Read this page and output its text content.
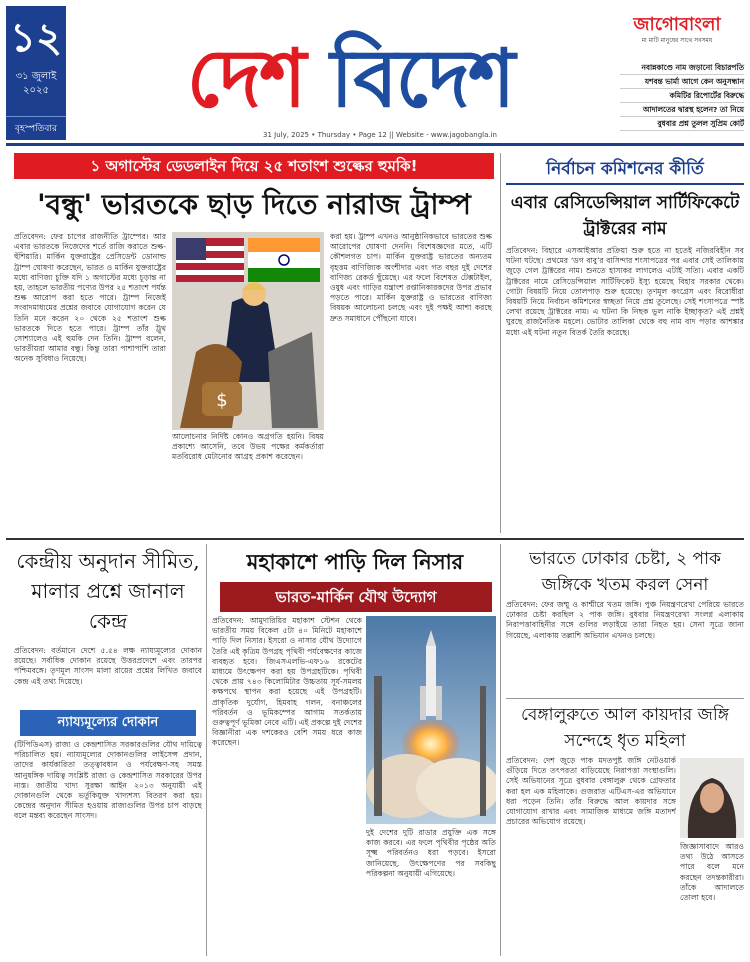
১২
৩১ জুলাই
২০২৫
বৃহস্পতিবার
দেশ বিদেশ
জাগোবাংলা
মা মাটি মানুষের সাথে সবসময়
নবান্নকাণ্ডে নাম জড়ানো বিচারপতি
যশবন্ত ভার্মা আগে কেন অনুসন্ধান
কমিটির রিপোর্টের বিরুদ্ধে
আদালতের দ্বারস্থ হলেন? তা নিয়ে
বুধবার প্রশ্ন তুলল সুপ্রিম কোর্ট
31 July, 2025 • Thursday • Page 12 || Website - www.jagobangla.in
১ অগাস্টের ডেডলাইন দিয়ে ২৫ শতাংশ শুল্কের হুমকি!
'বন্ধু' ভারতকে ছাড় দিতে নারাজ ট্রাম্প
প্রতিবেদন: ফের চাপের রাজনীতি ট্রাম্পের। আর এবার ভারতকে নিজেদের শর্তে রাজি করাতে শুল্ক-হুঁশিয়ারি। মার্কিন যুক্তরাষ্ট্রের প্রেসিডেন্ট ডোনাল্ড ট্রাম্প ঘোষণা করেছেন, ভারত ও মার্কিন যুক্তরাষ্ট্রের মধ্যে বাণিজ্য চুক্তি যদি ১ অগাস্টের মধ্যে চূড়ান্ত না হয়, তাহলে ভারতীয় পণ্যের উপর ২৫ শতাংশ পর্যন্ত শুল্ক আরোপ করা হতে পারে। ট্রাম্প নিজেই সংবাদমাধ্যমের প্রশ্নের জবাবে যোগাযোগ করেন যে তিনি মনে করেন ২০ থেকে ২৫ শতাংশ শুল্ক ভারতকে দিতে হতে পারে। ট্রাম্প তাঁর ট্রুথ সোশ্যালেও এই হুমকি দেন তিনি। ট্রাম্প বলেন, ভারতীয়রা আমার বন্ধু। কিন্তু তারা পাশাপাশি তারা অনেক সুবিধাও নিয়েছে।
$
আলোচনার নির্দিষ্ট কোনও অগ্রগতি হয়নি। বিষয় প্রকাশ্যে আসেনি, তবে উভয় পক্ষের কর্মকর্তারা মতবিরোধ মেটানোর আগ্রহ প্রকাশ করেছেন।
করা হয়। ট্রাম্প এখনও আনুষ্ঠানিকভাবে ভারতের শুল্ক আরোপের ঘোষণা দেননি। বিশেষজ্ঞদের মতে, এটি কৌশলগত চাপ। মার্কিন যুক্তরাষ্ট্র ভারতের অন্যতম বৃহত্তম বাণিজ্যিক অংশীদার এবং গত বছর দুই দেশের বাণিজ্য রেকর্ড ছুঁয়েছে। এর ফলে বিশেষত টেক্সটাইল, ওষুধ এবং গাড়ির যন্ত্রাংশ রপ্তানিকারকদের উপর প্রভাব পড়তে পারে। মার্কিন যুক্তরাষ্ট্র ও ভারতের বাণিজ্য বিষয়ক আলোচনা চলছে এবং দুই পক্ষই আশা করছে দ্রুত সমাধানে পৌঁছনো যাবে।
নির্বাচন কমিশনের কীর্তি
এবার রেসিডেন্সিয়াল সার্টিফিকেটে ট্রাক্টরের নাম
প্রতিবেদন: বিহারে এসআইআর প্রক্রিয়া শুরু হতে না হতেই নজিরবিহীন সব ঘটনা ঘটছে। প্রথমের ‘ডগ বাবু’র বাসিন্দার শংসাপত্রের পর এবার সেই তালিকায় জুড়ে গেল ট্রাক্টরের নাম। শুনতে হাস্যকর লাগলেও এটাই সত্যি। এবার একটি ট্রাক্টরের নামে রেসিডেন্সিয়াল সার্টিফিকেট ইস্যু হয়েছে বিহার সরকার থেকে। গোটা বিষয়টি নিয়ে তোলপাড় শুরু হয়েছে। তৃণমূল কংগ্রেস এবং বিরোধীরা বিষয়টি নিয়ে নির্বাচন কমিশনের স্বচ্ছতা নিয়ে প্রশ্ন তুলেছে। সেই শংসাপত্রে স্পষ্ট লেখা রয়েছে ট্রাক্টরের নাম। এ ঘটনা কি নিছক ভুল নাকি ইচ্ছাকৃত? এই প্রশ্নই ঘুরছে রাজনৈতিক মহলে। ভোটার তালিকা থেকে বহু নাম বাদ পড়ার আশঙ্কার মধ্যে এই ঘটনা নতুন বিতর্ক তৈরি করেছে।
কেন্দ্রীয় অনুদান সীমিত, মালার প্রশ্নে জানাল কেন্দ্র
প্রতিবেদন: বর্তমানে দেশে ৫.৫৪ লক্ষ ন্যায্যমূল্যের দোকান রয়েছে। সর্বাধিক দোকান রয়েছে উত্তরপ্রদেশে এবং তারপর পশ্চিমবঙ্গে। তৃণমূল সাংসদ মালা রায়ের প্রশ্নের লিখিত জবাবে কেন্দ্র এই তথ্য দিয়েছে।
ন্যায্যমূল্যের দোকান
(টিপিডিএস) রাজ্য ও কেন্দ্রশাসিত সরকারগুলির যৌথ দায়িত্বে পরিচালিত হয়। ন্যায্যমূল্যের দোকানগুলির লাইসেন্স প্রদান, তাদের কার্যকারিতা তত্ত্বাবধান ও পর্যবেক্ষণ-সহ সমস্ত আনুষঙ্গিক দায়িত্ব সংশ্লিষ্ট রাজ্য ও কেন্দ্রশাসিত সরকারের উপর ন্যস্ত। জাতীয় খাদ্য সুরক্ষা আইন ২০১৩ অনুযায়ী এই দোকানগুলি থেকে ভর্তুকিযুক্ত খাদ্যশস্য বিতরণ করা হয়। কেন্দ্রের অনুদান সীমিত হওয়ায় রাজ্যগুলির উপর চাপ বাড়ছে বলে মন্তব্য করেছেন সাংসদ।
মহাকাশে পাড়ি দিল নিসার
ভারত-মার্কিন যৌথ উদ্যোগ
প্রতিবেদন: আমুদারিয়ির মহাকাশ স্টেশন থেকে ভারতীয় সময় বিকেল ৫টা ৪০ মিনিটে মহাকাশে পাড়ি দিল নিসার। ইসরো ও নাসার যৌথ উদ্যোগে তৈরি এই কৃত্রিম উপগ্রহ পৃথিবী পর্যবেক্ষণের কাজে ব্যবহৃত হবে। জিএসএলভি-এফ১৬ রকেটের মাধ্যমে উৎক্ষেপণ করা হয় উপগ্রহটিকে। পৃথিবী থেকে প্রায় ৭৪৩ কিলোমিটার উচ্চতায় সূর্য-সমলয় কক্ষপথে স্থাপন করা হয়েছে এই উপগ্রহটি। প্রাকৃতিক দুর্যোগ, হিমবাহ গলন, বনাঞ্চলের পরিবর্তন ও ভূমিকম্পের আগাম সতর্কতায় গুরুত্বপূর্ণ ভূমিকা নেবে এটি। এই প্রকল্পে দুই দেশের বিজ্ঞানীরা এক দশকেরও বেশি সময় ধরে কাজ করেছেন।
দুই দেশের দুটি রাডার প্রযুক্তি এক সঙ্গে কাজ করবে। এর ফলে পৃথিবীর পৃষ্ঠের অতি সূক্ষ্ম পরিবর্তনও ধরা পড়বে। ইসরো জানিয়েছে, উৎক্ষেপণের পর সবকিছু পরিকল্পনা অনুযায়ী এগিয়েছে।
ভারতে ঢোকার চেষ্টা, ২ পাক জঙ্গিকে খতম করল সেনা
প্রতিবেদন: ফের জম্মু ও কাশ্মীরে খতম জঙ্গি। পুঞ্চ নিয়ন্ত্রণরেখা পেরিয়ে ভারতে ঢোকার চেষ্টা করছিল ২ পাক জঙ্গি। বুধবার নিয়ন্ত্রণরেখা সংলগ্ন এলাকায় নিরাপত্তাবাহিনীর সঙ্গে গুলির লড়াইয়ে তারা নিহত হয়। সেনা সূত্রে জানা গিয়েছে, এলাকায় তল্লাশি অভিযান এখনও চলছে।
বেঙ্গালুরুতে আল কায়দার জঙ্গি সন্দেহে ধৃত মহিলা
প্রতিবেদন: দেশ জুড়ে পাক মদতপুষ্ট জঙ্গি নেটওয়ার্ক গুঁড়িয়ে দিতে তৎপরতা বাড়িয়েছে নিরাপত্তা সংস্থাগুলি। সেই অভিযানের সূত্রে বুধবার বেঙ্গালুরু থেকে গ্রেফতার করা হল এক মহিলাকে। গুজরাত এটিএস-এর অভিযানে ধরা পড়েন তিনি। তাঁর বিরুদ্ধে আল কায়দার সঙ্গে যোগাযোগ রাখার এবং সামাজিক মাধ্যমে জঙ্গি মতাদর্শ প্রচারের অভিযোগ রয়েছে।
জিজ্ঞাসাবাদে আরও তথ্য উঠে আসতে পারে বলে মনে করছেন তদন্তকারীরা। তাঁকে আদালতে তোলা হবে।
